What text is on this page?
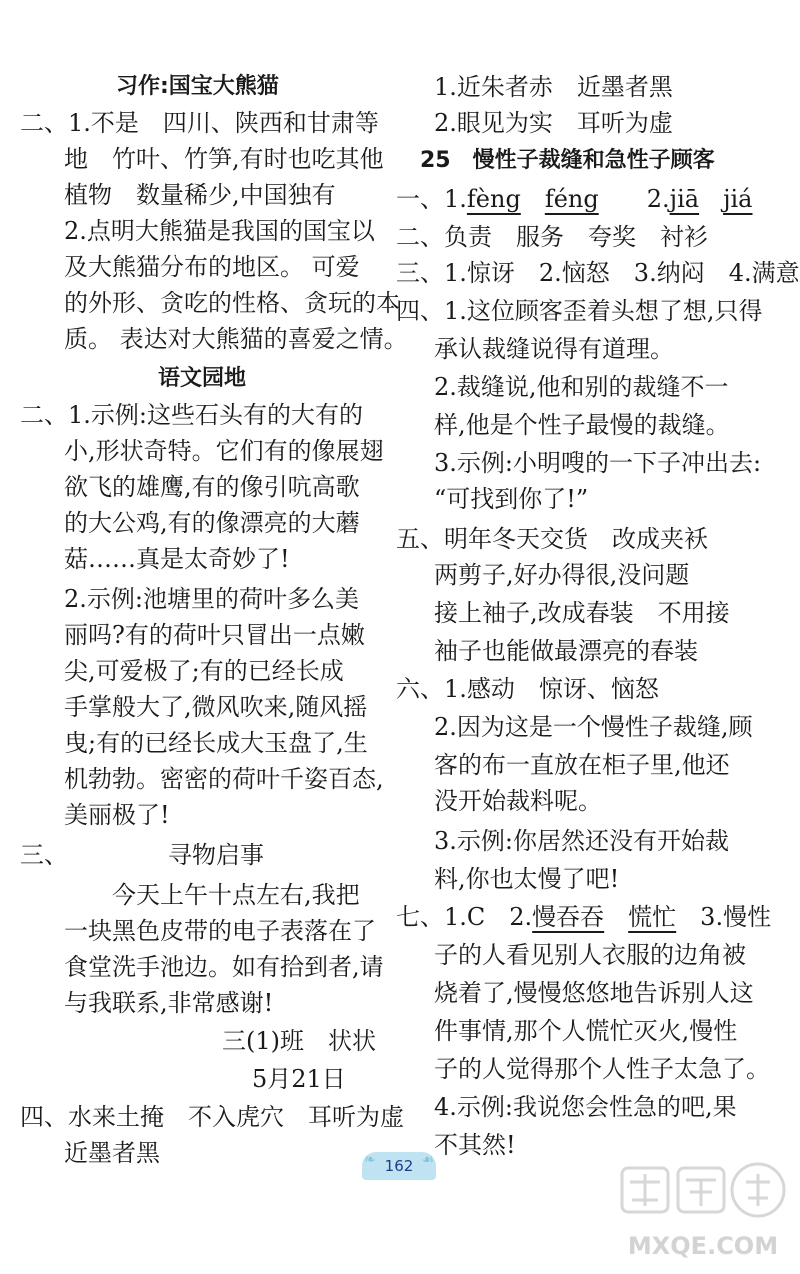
习作:国宝大熊猫
二、1.不是　四川、陕西和甘肃等
地　竹叶、竹笋,有时也吃其他
植物　数量稀少,中国独有
2.点明大熊猫是我国的国宝以
及大熊猫分布的地区。 可爱
的外形、贪吃的性格、贪玩的本
质。 表达对大熊猫的喜爱之情。
语文园地
二、1.示例:这些石头有的大有的
小,形状奇特。它们有的像展翅
欲飞的雄鹰,有的像引吭高歌
的大公鸡,有的像漂亮的大蘑
菇……真是太奇妙了!
2.示例:池塘里的荷叶多么美
丽吗?有的荷叶只冒出一点嫩
尖,可爱极了;有的已经长成
手掌般大了,微风吹来,随风摇
曳;有的已经长成大玉盘了,生
机勃勃。密密的荷叶千姿百态,
美丽极了!
三、	寻物启事
今天上午十点左右,我把
一块黑色皮带的电子表落在了
食堂洗手池边。如有拾到者,请
与我联系,非常感谢!
三(1)班　状状
5月21日
四、水来土掩　不入虎穴　耳听为虚
近墨者黑
1.近朱者赤　近墨者黑
2.眼见为实　耳听为虚
25　慢性子裁缝和急性子顾客
一、1.fèng　 féng　　 2.jiā　 jiá
二、负责　服务　夸奖　衬衫
三、1.惊讶　2.恼怒　3.纳闷　4.满意
四、1.这位顾客歪着头想了想,只得
承认裁缝说得有道理。
2.裁缝说,他和别的裁缝不一
样,他是个性子最慢的裁缝。
3.示例:小明嗖的一下子冲出去:
“可找到你了!”
五、明年冬天交货　改成夹袄
两剪子,好办得很,没问题
接上袖子,改成春装　不用接
袖子也能做最漂亮的春装
六、1.感动　惊讶、恼怒
2.因为这是一个慢性子裁缝,顾
客的布一直放在柜子里,他还
没开始裁料呢。
3.示例:你居然还没有开始裁
料,你也太慢了吧!
七、1.C　2.慢吞吞　 慌忙　 3.慢性
子的人看见别人衣服的边角被
烧着了,慢慢悠悠地告诉别人这
件事情,那个人慌忙灭火,慢性
子的人觉得那个人性子太急了。
4.示例:我说您会性急的吧,果
不其然!
❧ 162 ☙
MXQE.COM
